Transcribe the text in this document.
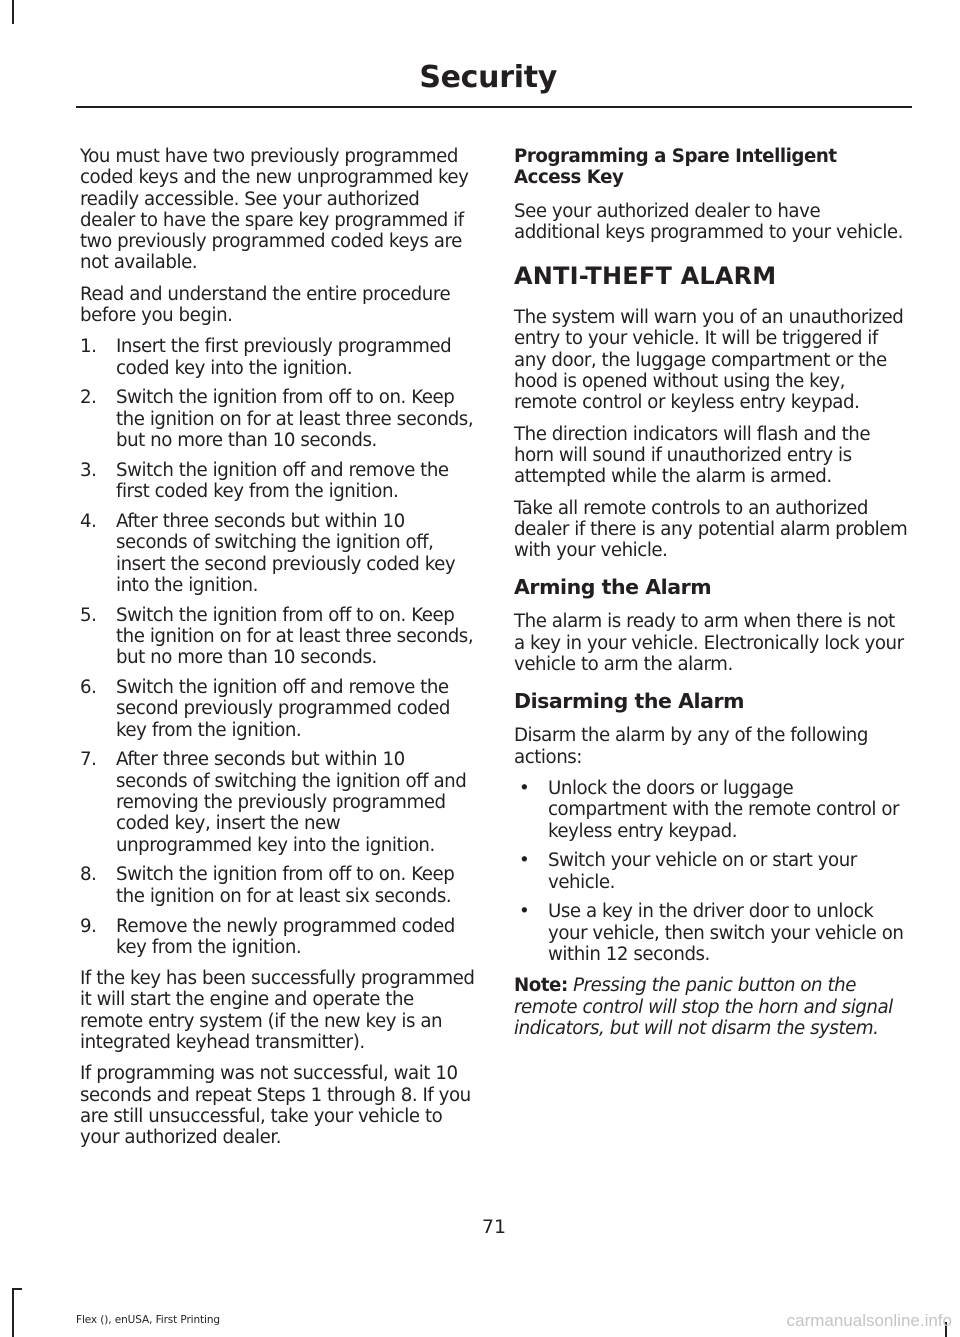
Security

You must have two previously programmed coded keys and the new unprogrammed key readily accessible. See your authorized dealer to have the spare key programmed if two previously programmed coded keys are not available.

Read and understand the entire procedure before you begin.

1. Insert the first previously programmed coded key into the ignition.
2. Switch the ignition from off to on. Keep the ignition on for at least three seconds, but no more than 10 seconds.
3. Switch the ignition off and remove the first coded key from the ignition.
4. After three seconds but within 10 seconds of switching the ignition off, insert the second previously coded key into the ignition.
5. Switch the ignition from off to on. Keep the ignition on for at least three seconds, but no more than 10 seconds.
6. Switch the ignition off and remove the second previously programmed coded key from the ignition.
7. After three seconds but within 10 seconds of switching the ignition off and removing the previously programmed coded key, insert the new unprogrammed key into the ignition.
8. Switch the ignition from off to on. Keep the ignition on for at least six seconds.
9. Remove the newly programmed coded key from the ignition.

If the key has been successfully programmed it will start the engine and operate the remote entry system (if the new key is an integrated keyhead transmitter).

If programming was not successful, wait 10 seconds and repeat Steps 1 through 8. If you are still unsuccessful, take your vehicle to your authorized dealer.

Programming a Spare Intelligent Access Key

See your authorized dealer to have additional keys programmed to your vehicle.

ANTI-THEFT ALARM

The system will warn you of an unauthorized entry to your vehicle. It will be triggered if any door, the luggage compartment or the hood is opened without using the key, remote control or keyless entry keypad.

The direction indicators will flash and the horn will sound if unauthorized entry is attempted while the alarm is armed.

Take all remote controls to an authorized dealer if there is any potential alarm problem with your vehicle.

Arming the Alarm

The alarm is ready to arm when there is not a key in your vehicle. Electronically lock your vehicle to arm the alarm.

Disarming the Alarm

Disarm the alarm by any of the following actions:

• Unlock the doors or luggage compartment with the remote control or keyless entry keypad.
• Switch your vehicle on or start your vehicle.
• Use a key in the driver door to unlock your vehicle, then switch your vehicle on within 12 seconds.

Note: Pressing the panic button on the remote control will stop the horn and signal indicators, but will not disarm the system.

71
Flex (), enUSA, First Printing	carmanualsonline.info
